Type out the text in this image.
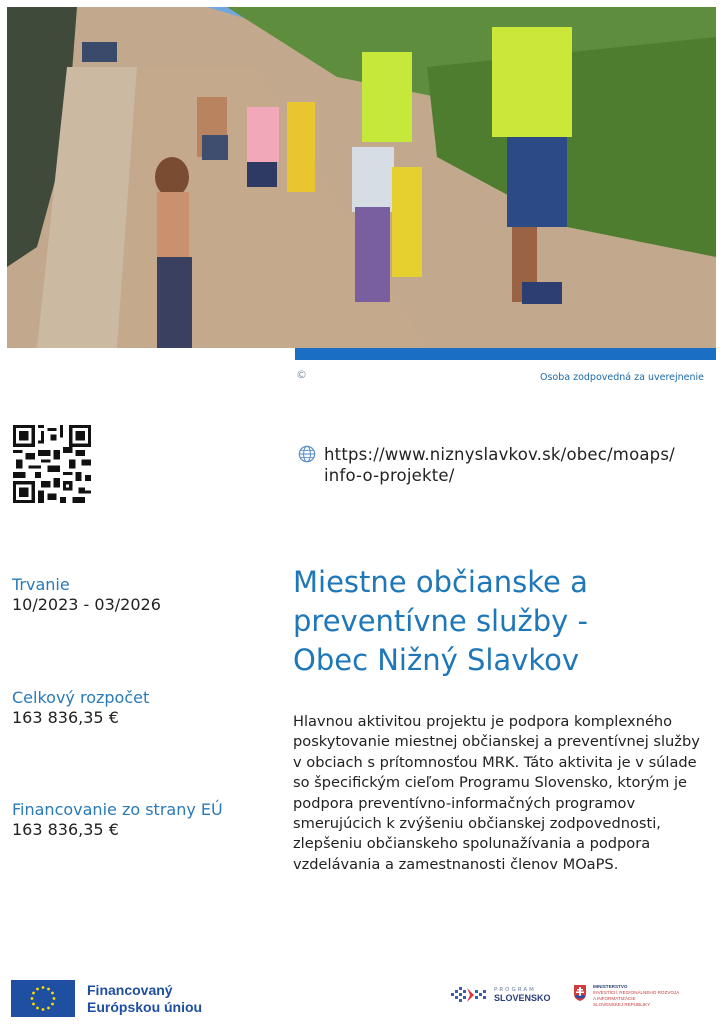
©	Osoba zodpovedná za uverejnenie
https://www.niznyslavkov.sk/obec/moaps/
info-o-projekte/
Trvanie
10/2023 - 03/2026
Celkový rozpočet
163 836,35 €
Financovanie zo strany EÚ
163 836,35 €
Miestne občianske a
preventívne služby -
Obec Nižný Slavkov
Hlavnou aktivitou projektu je podpora komplexného poskytovanie miestnej občianskej a preventívnej služby v obciach s prítomnosťou MRK. Táto aktivita je v súlade so špecifickým cieľom Programu Slovensko, ktorým je podpora preventívno-informačných programov smerujúcich k zvýšeniu občianskej zodpovednosti, zlepšeniu občianskeho spolunažívania a podpora vzdelávania a zamestnanosti členov MOaPS.
Financovaný
Európskou úniou
PROGRAM
SLOVENSKO
MINISTERSTVO
INVESTÍCIÍ, REGIONÁLNEHO ROZVOJA
A INFORMATIZÁCIE
SLOVENSKEJ REPUBLIKY
